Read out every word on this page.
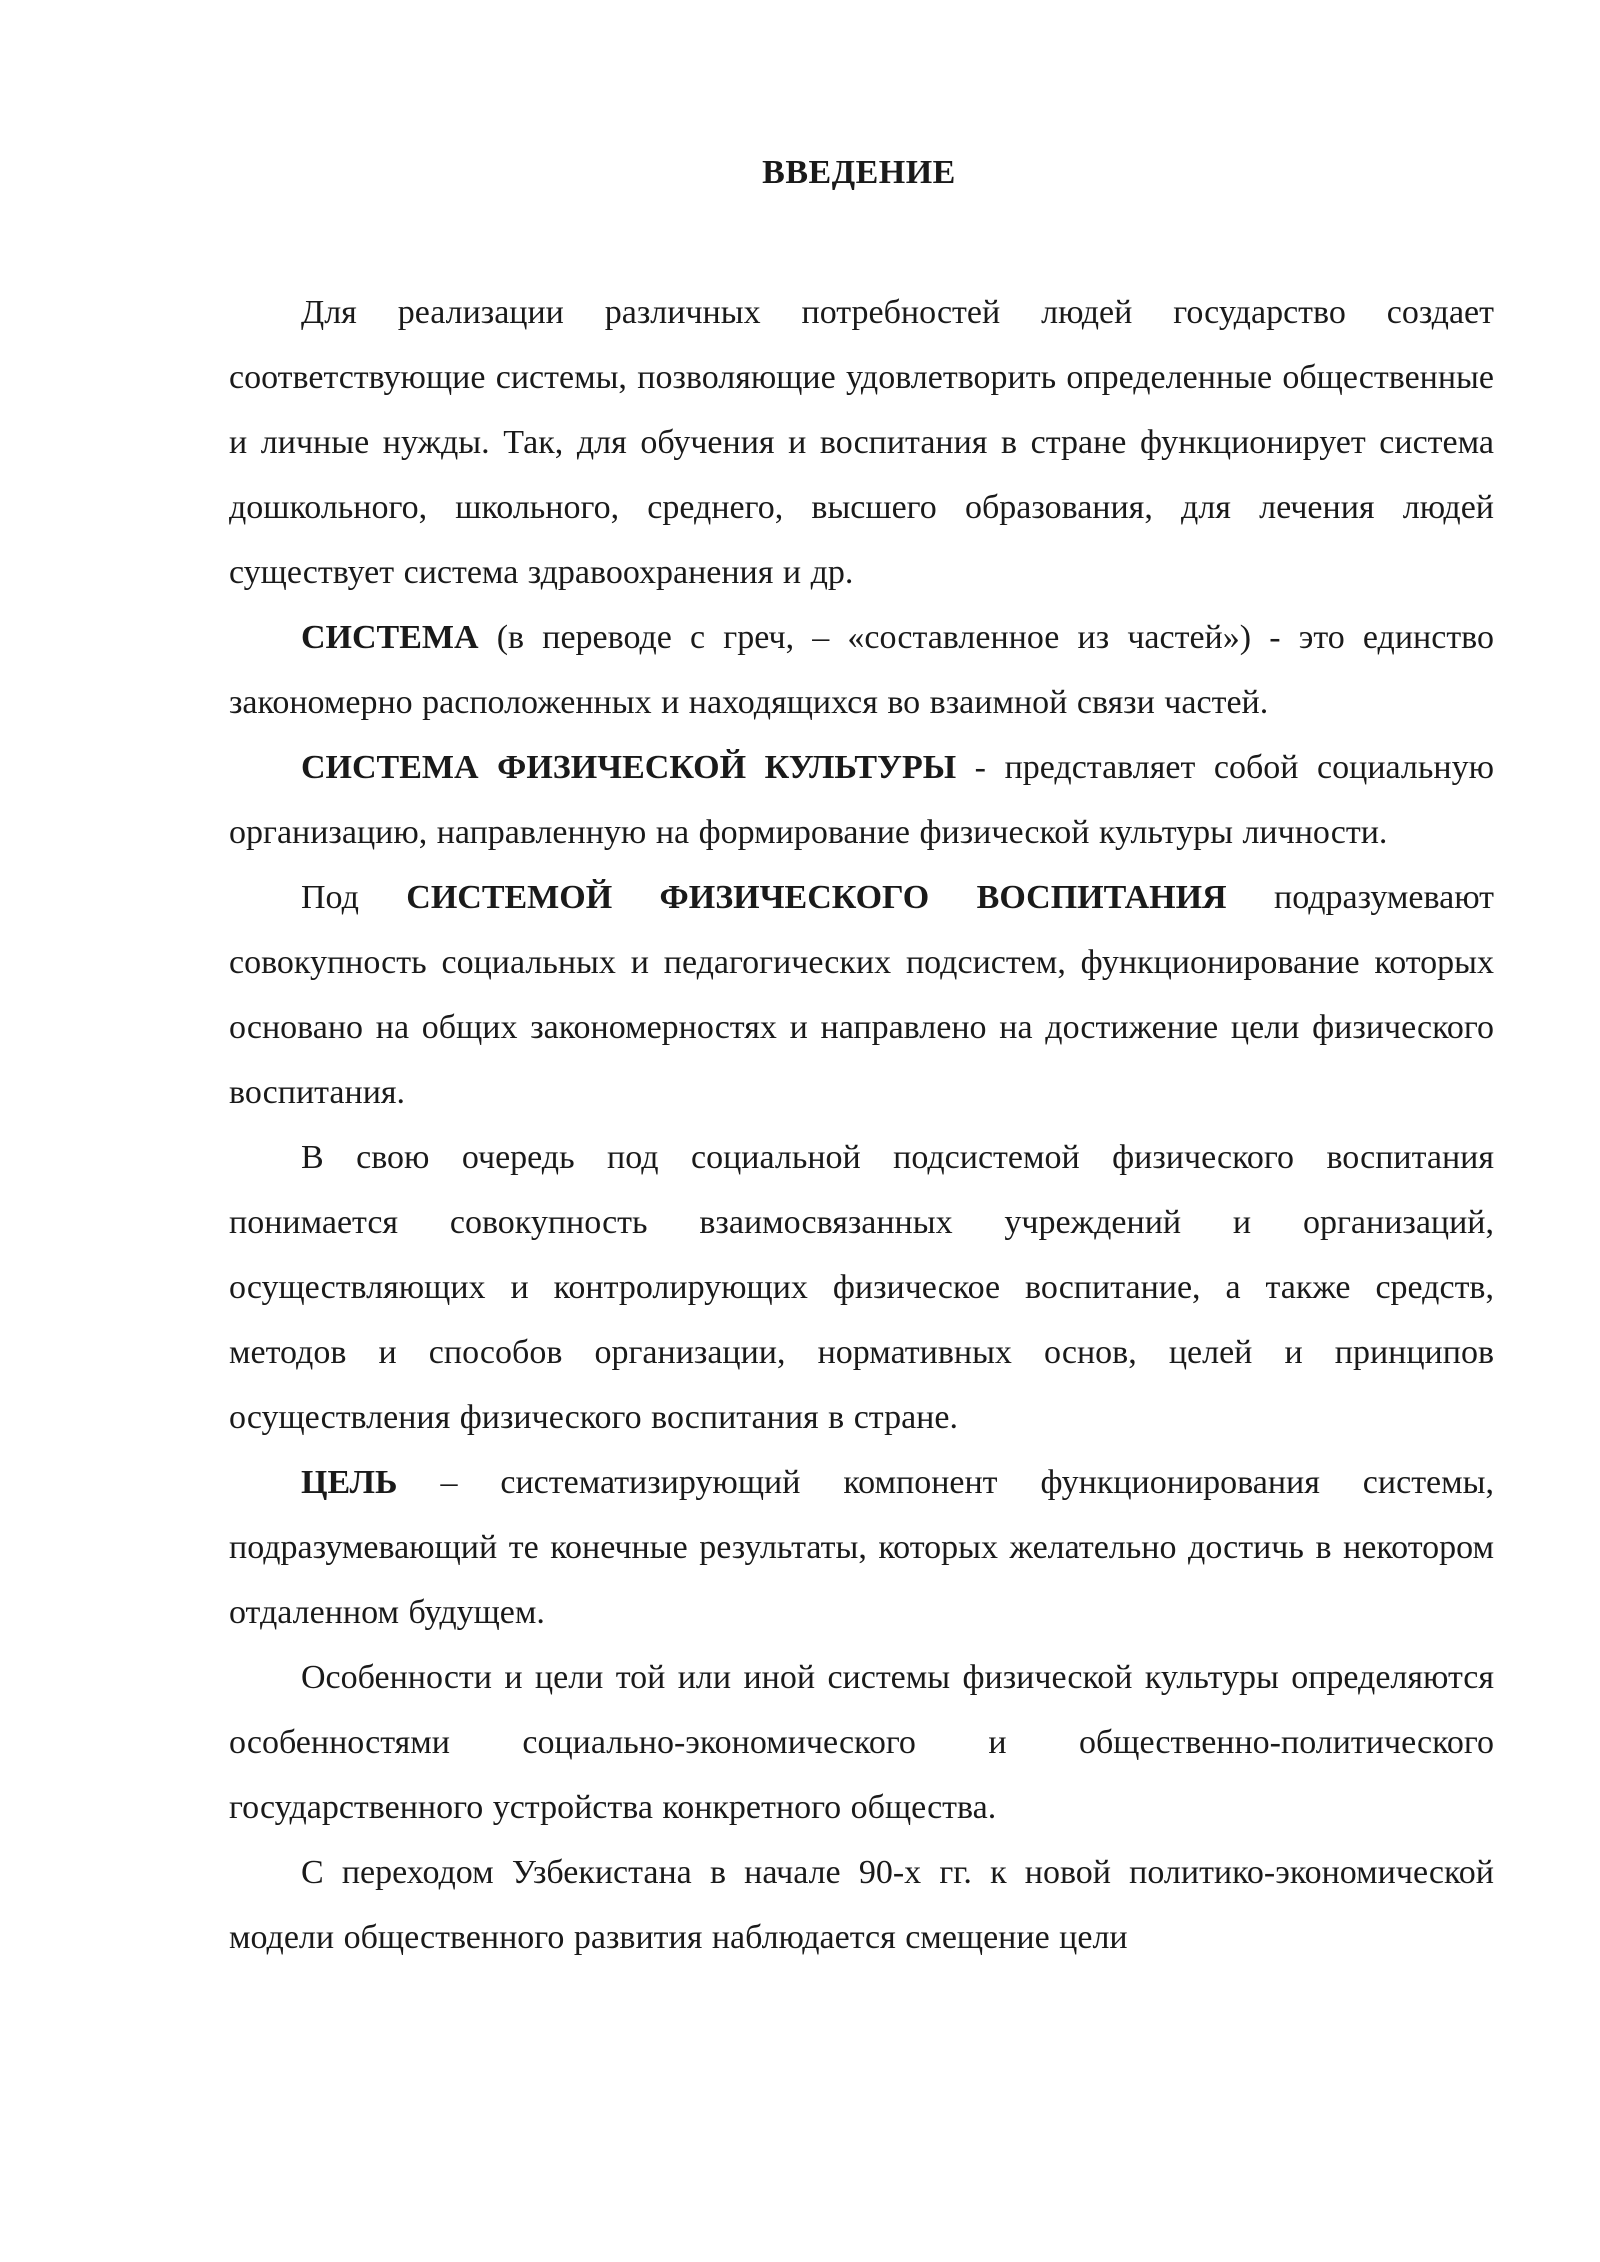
ВВЕДЕНИЕ

Для реализации различных потребностей людей государство создает соответствующие системы, позволяющие удовлетворить определенные общественные и личные нужды. Так, для обучения и воспитания в стране функционирует система дошкольного, школьного, среднего, высшего образования, для лечения людей существует система здравоохранения и др.

СИСТЕМА (в переводе с греч, – «составленное из частей») - это единство закономерно расположенных и находящихся во взаимной связи частей.

СИСТЕМА ФИЗИЧЕСКОЙ КУЛЬТУРЫ - представляет собой социальную организацию, направленную на формирование физической культуры личности.

Под СИСТЕМОЙ ФИЗИЧЕСКОГО ВОСПИТАНИЯ подразумевают совокупность социальных и педагогических подсистем, функционирование которых основано на общих закономерностях и направлено на достижение цели физического воспитания.

В свою очередь под социальной подсистемой физического воспитания понимается совокупность взаимосвязанных учреждений и организаций, осуществляющих и контролирующих физическое воспитание, а также средств, методов и способов организации, нормативных основ, целей и принципов осуществления физического воспитания в стране.

ЦЕЛЬ – систематизирующий компонент функционирования системы, подразумевающий те конечные результаты, которых желательно достичь в некотором отдаленном будущем.

Особенности и цели той или иной системы физической культуры определяются особенностями социально-экономического и общественно-политического государственного устройства конкретного общества.

С переходом Узбекистана в начале 90-х гг. к новой политико-экономической модели общественного развития наблюдается смещение цели
